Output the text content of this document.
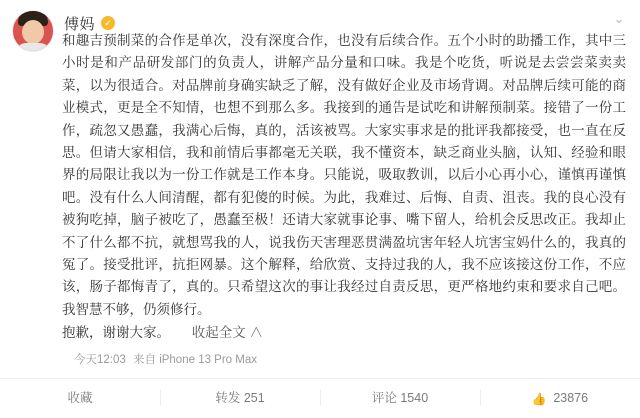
傅妈	✓	⌄
和趣吉预制菜的合作是单次，没有深度合作，也没有后续合作。五个小时的助播工作，其中三小时是和产品研发部门的负责人，讲解产品分量和口味。我是个吃货，听说是去尝尝菜卖卖菜，以为很适合。对品牌前身确实缺乏了解，没有做好企业及市场背调。对品牌后续可能的商业模式，更是全不知情，也想不到那么多。我接到的通告是试吃和讲解预制菜。接错了一份工作，疏忽又愚蠢，我满心后悔，真的，活该被骂。大家实事求是的批评我都接受，也一直在反思。但请大家相信，我和前情后事都毫无关联，我不懂资本，缺乏商业头脑，认知、经验和眼界的局限让我以为一份工作就是工作本身。只能说，吸取教训，以后小心再小心，谨慎再谨慎吧。没有什么人间清醒，都有犯傻的时候。为此，我难过、后悔、自责、沮丧。我的良心没有被狗吃掉，脑子被吃了，愚蠢至极！还请大家就事论事、嘴下留人，给机会反思改正。我却止不了什么都不抗，就想骂我的人，说我伤天害理恶贯满盈坑害年轻人坑害宝妈什么的，我真的冤了。接受批评，抗拒网暴。这个解释，给欣赏、支持过我的人，我不应该接这份工作，不应该，肠子都悔青了，真的。只希望这次的事让我经过自责反思，更严格地约束和要求自己吧。我智慧不够，仍须修行。
抱歉，谢谢大家。 收起全文 ∧
今天12:03 来自 iPhone 13 Pro Max
收藏	转发 251	评论 1540	👍 23876
